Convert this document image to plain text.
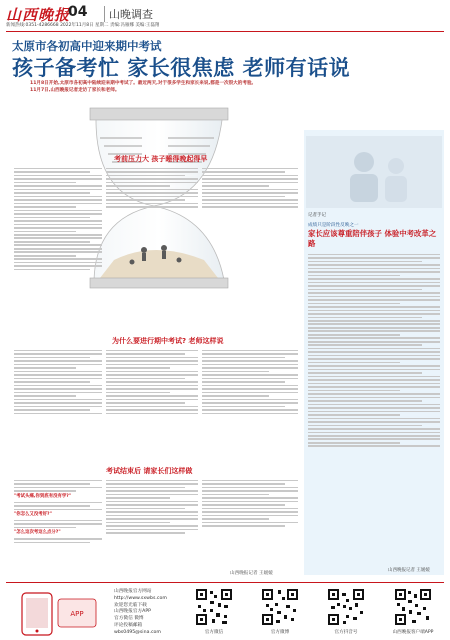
山西晚报
04	山晚调查
新闻热线:0351-4286668 2022年11月8日 星期二 责编:冯雁娜 美编:王磊翔
太原市各初高中迎来期中考试
孩子备考忙 家长很焦虑 老师有话说
11月8日开始,太原市各初高中陆续迎来期中考试了。最近两天,对于很多学生和家长来说,都是一次很大的考验。11月7日,山西晚报记者走访了家长和老师。
考前压力大 孩子睡得晚起得早
为什么要进行期中考试? 老师这样说
考试结束后 请家长们这样做
"考试头痛,你到底有没有学?"
"你怎么又没考好?"
"怎么这次考这么点分?"
山西晚报记者 王媛媛
记者手记
成绩只是阶段性反映之一
家长应该尊重陪伴孩子 体验中考改革之路
山西晚报记者 王媛媛
APP
山西晚报官方网站
http://www.sxwbs.com
欢迎您光临下载
山西晚报官方APP
官方微信 微博
评论投稿邮箱
wbs0495@sina.com	官方微信	官方微博	官方抖音号	山西晚报客户端APP
